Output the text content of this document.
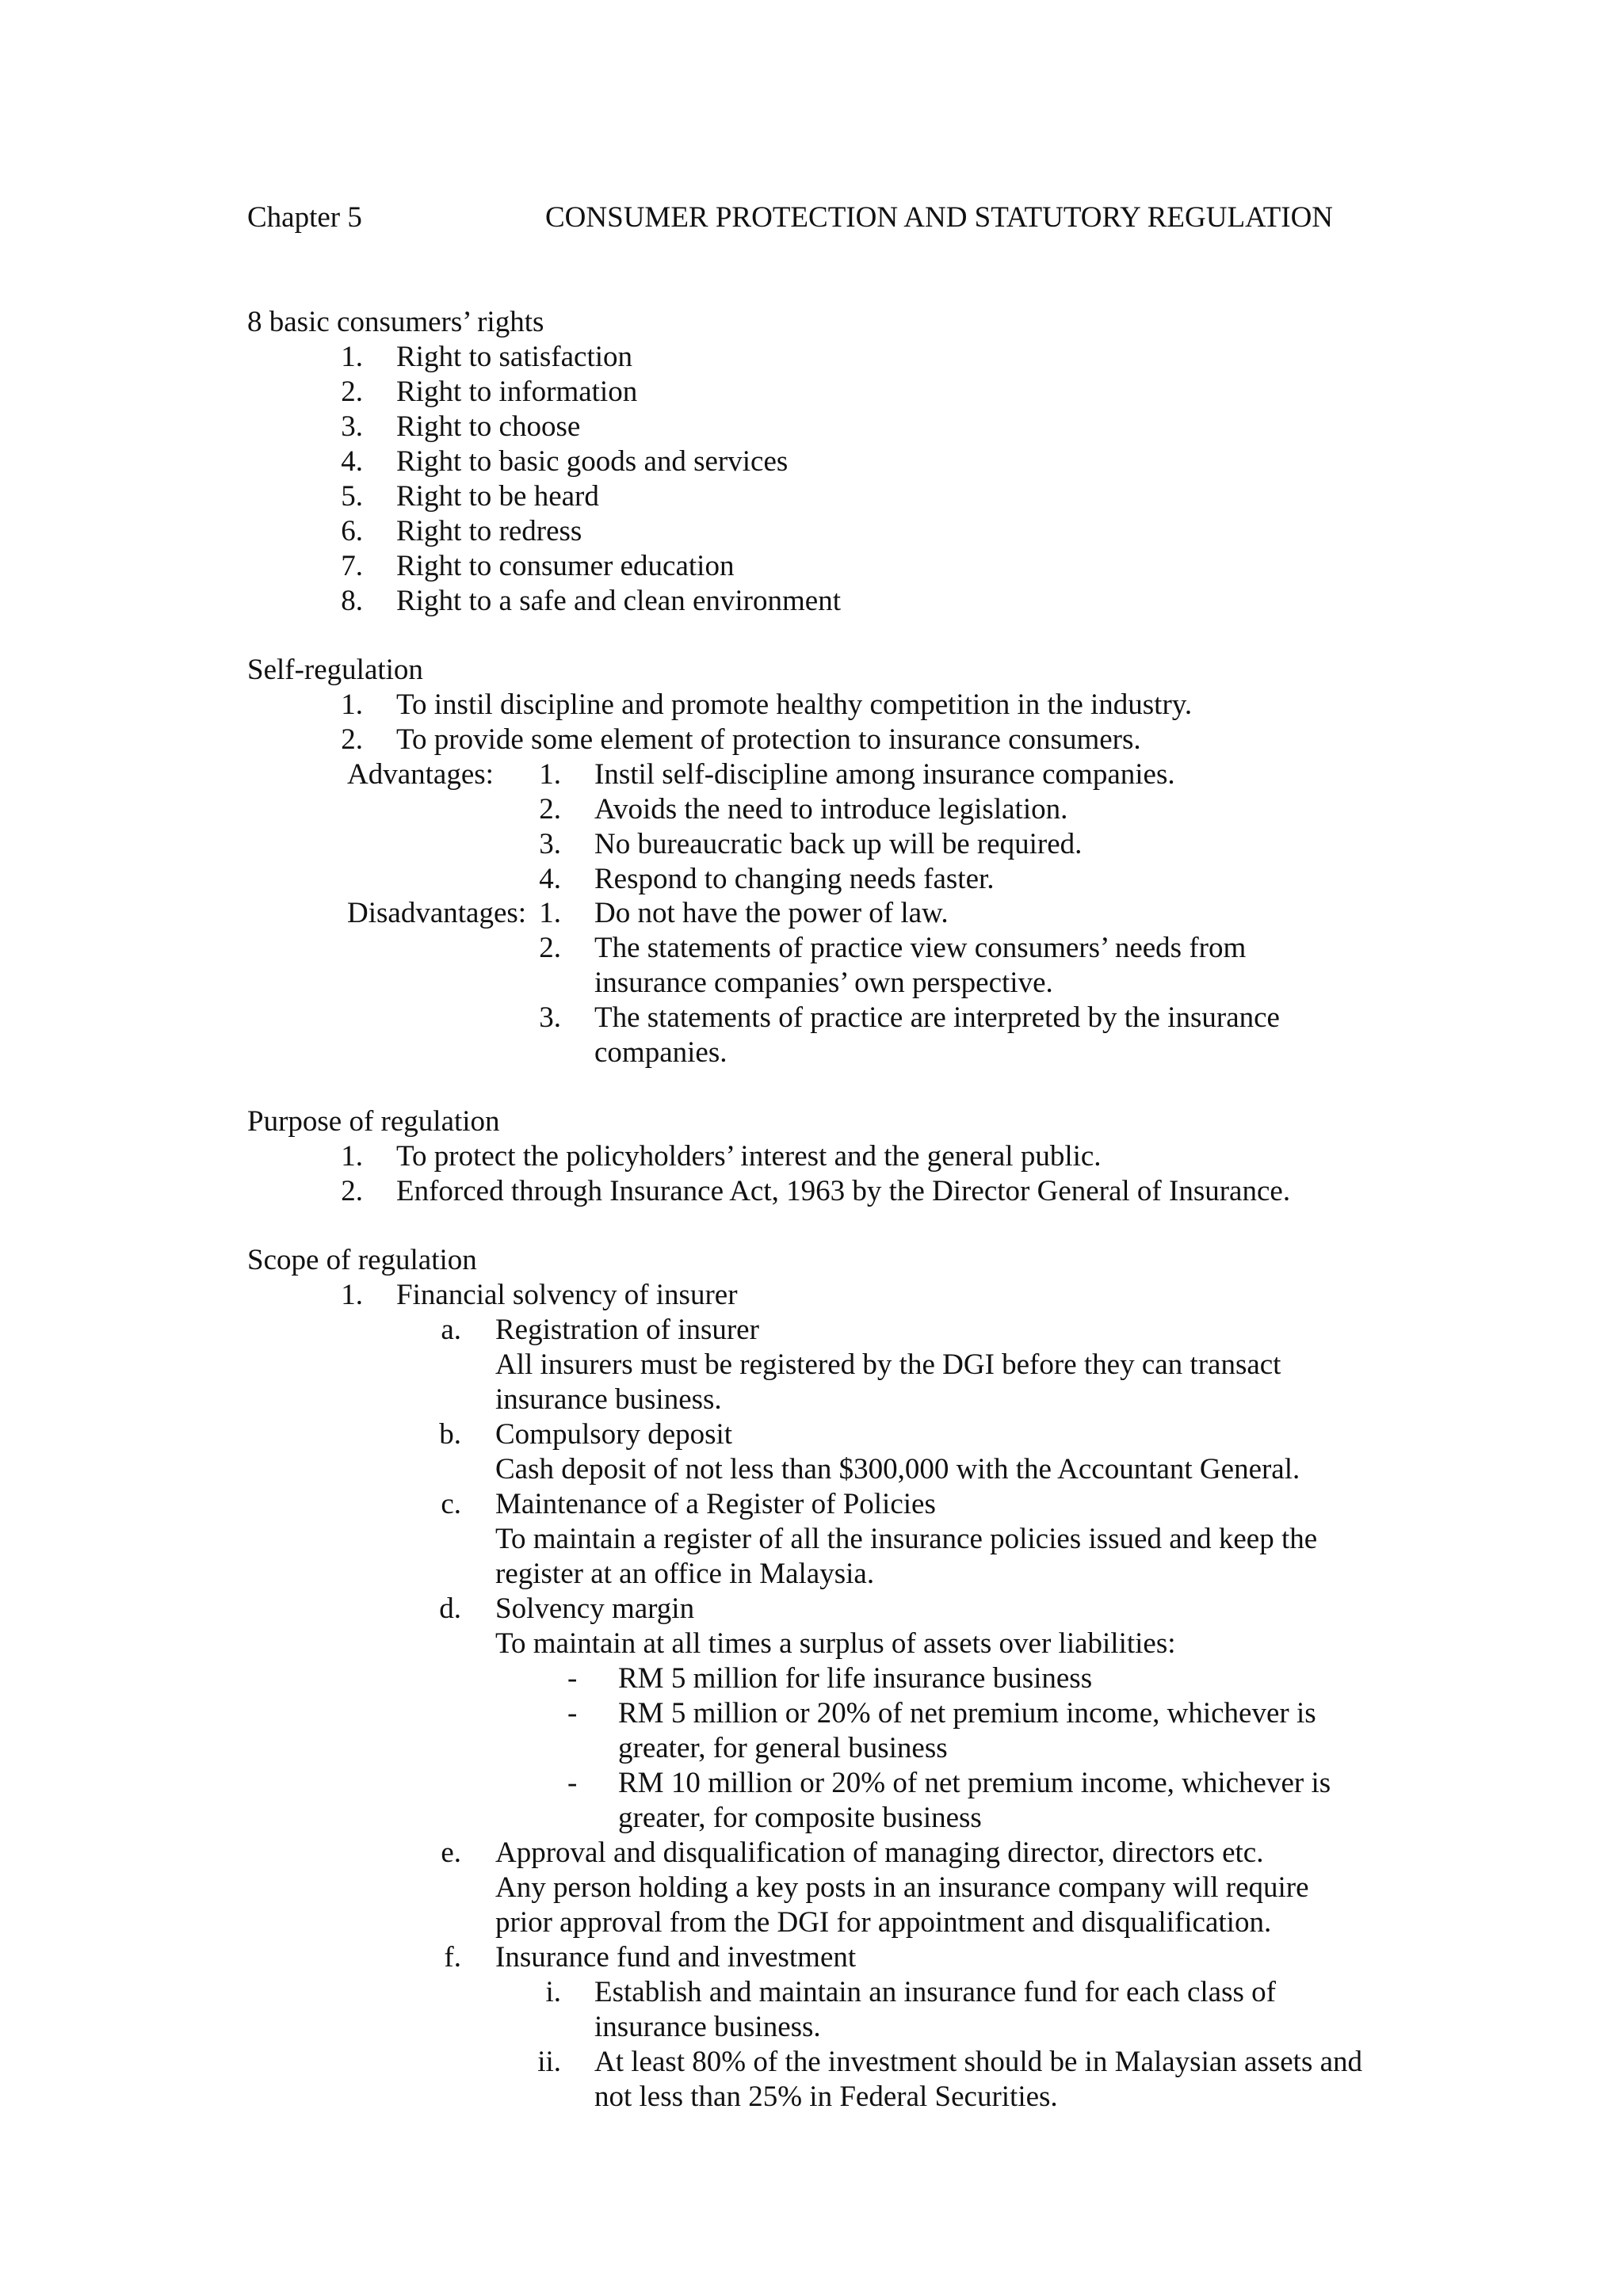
Chapter 5	CONSUMER PROTECTION AND STATUTORY REGULATION
8 basic consumers’ rights
1. Right to satisfaction
2. Right to information
3. Right to choose
4. Right to basic goods and services
5. Right to be heard
6. Right to redress
7. Right to consumer education
8. Right to a safe and clean environment
Self-regulation
1. To instil discipline and promote healthy competition in the industry.
2. To provide some element of protection to insurance consumers.
Advantages:	1. Instil self-discipline among insurance companies.
2. Avoids the need to introduce legislation.
3. No bureaucratic back up will be required.
4. Respond to changing needs faster.
Disadvantages: 1. Do not have the power of law.
2. The statements of practice view consumers’ needs from
insurance companies’ own perspective.
3. The statements of practice are interpreted by the insurance
companies.
Purpose of regulation
1. To protect the policyholders’ interest and the general public.
2. Enforced through Insurance Act, 1963 by the Director General of Insurance.
Scope of regulation
1. Financial solvency of insurer
a. Registration of insurer
All insurers must be registered by the DGI before they can transact
insurance business.
b. Compulsory deposit
Cash deposit of not less than $300,000 with the Accountant General.
c. Maintenance of a Register of Policies
To maintain a register of all the insurance policies issued and keep the
register at an office in Malaysia.
d. Solvency margin
To maintain at all times a surplus of assets over liabilities:
- RM 5 million for life insurance business
- RM 5 million or 20% of net premium income, whichever is
greater, for general business
- RM 10 million or 20% of net premium income, whichever is
greater, for composite business
e. Approval and disqualification of managing director, directors etc.
Any person holding a key posts in an insurance company will require
prior approval from the DGI for appointment and disqualification.
f. Insurance fund and investment
i. Establish and maintain an insurance fund for each class of
insurance business.
ii. At least 80% of the investment should be in Malaysian assets and
not less than 25% in Federal Securities.
